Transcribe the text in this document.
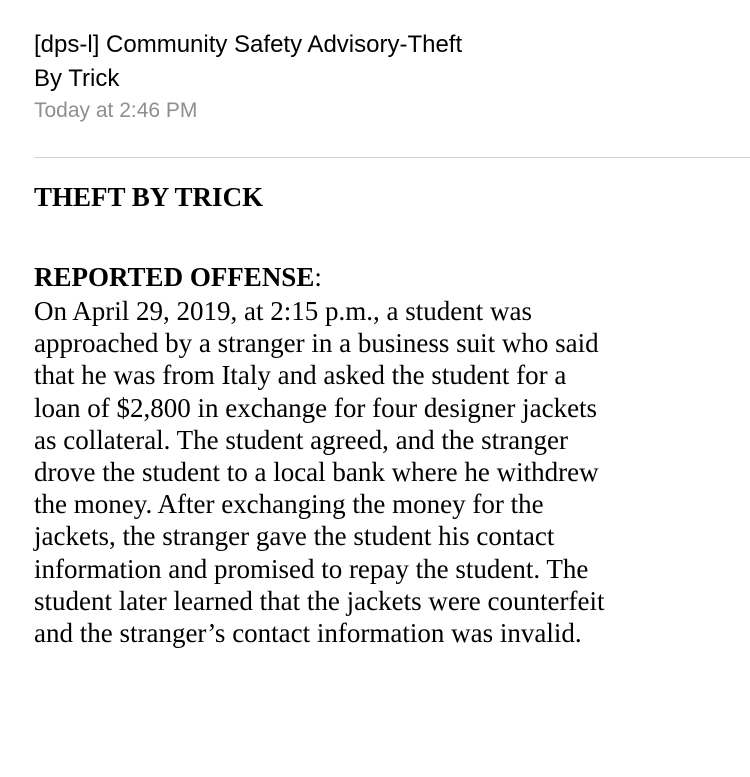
[dps-l] Community Safety Advisory-Theft
By Trick
Today at 2:46 PM

THEFT BY TRICK

REPORTED OFFENSE:

On April 29, 2019, at 2:15 p.m., a student was
approached by a stranger in a business suit who said
that he was from Italy and asked the student for a
loan of $2,800 in exchange for four designer jackets
as collateral. The student agreed, and the stranger
drove the student to a local bank where he withdrew
the money. After exchanging the money for the
jackets, the stranger gave the student his contact
information and promised to repay the student. The
student later learned that the jackets were counterfeit
and the stranger’s contact information was invalid.
